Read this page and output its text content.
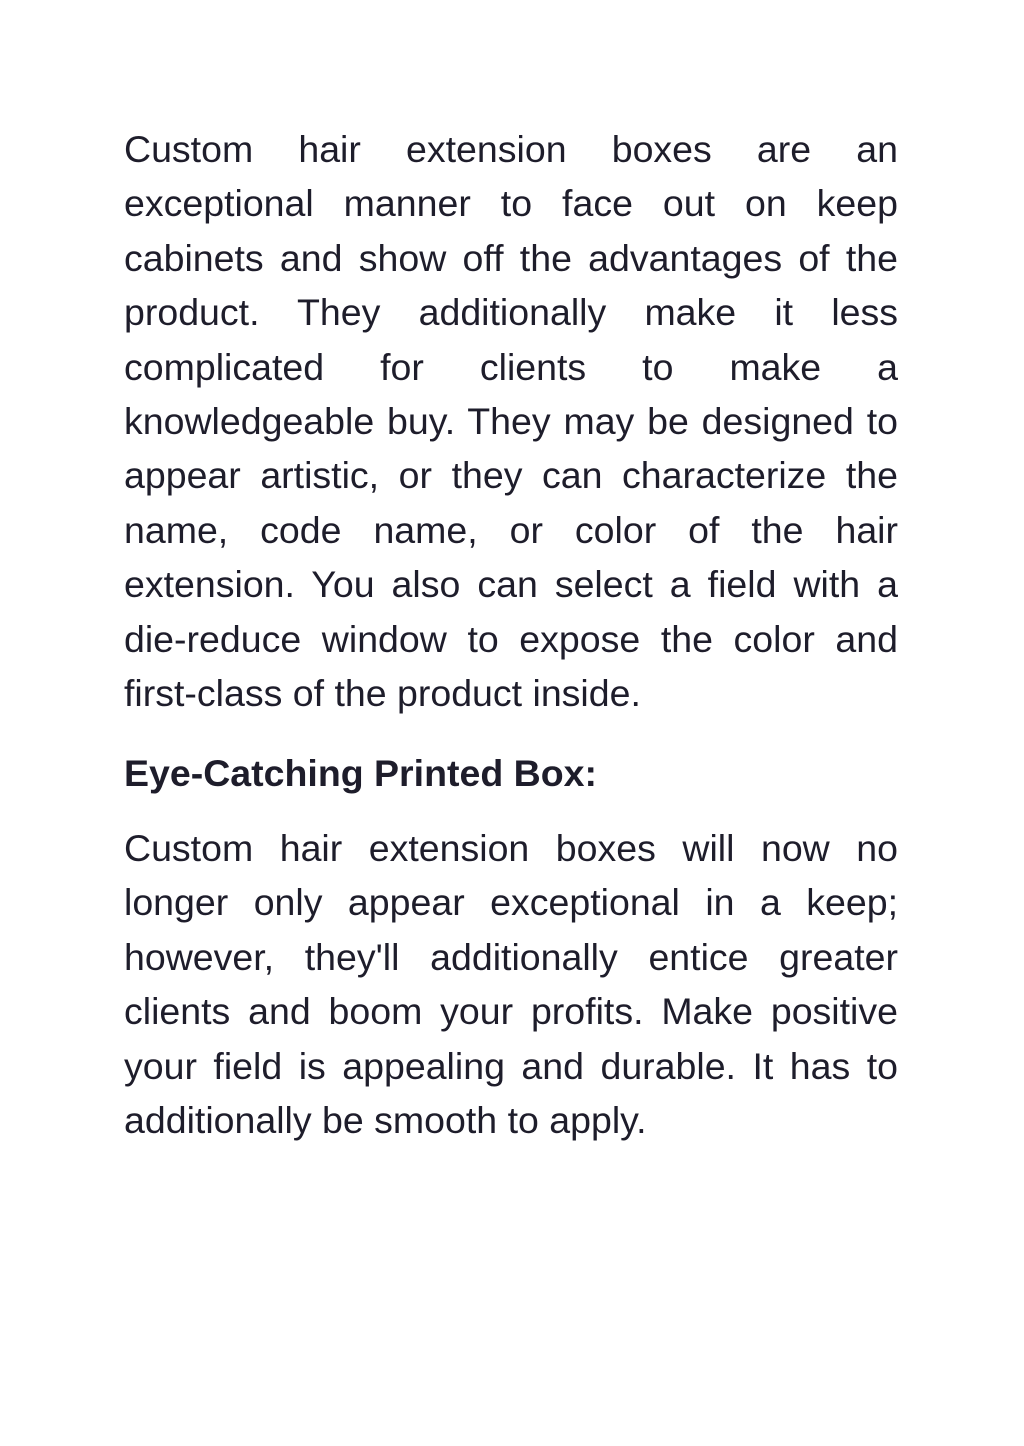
Custom hair extension boxes are an exceptional manner to face out on keep cabinets and show off the advantages of the product. They additionally make it less complicated for clients to make a knowledgeable buy. They may be designed to appear artistic, or they can characterize the name, code name, or color of the hair extension. You also can select a field with a die-reduce window to expose the color and first-class of the product inside.

Eye-Catching Printed Box:

Custom hair extension boxes will now no longer only appear exceptional in a keep; however, they'll additionally entice greater clients and boom your profits. Make positive your field is appealing and durable. It has to additionally be smooth to apply.
